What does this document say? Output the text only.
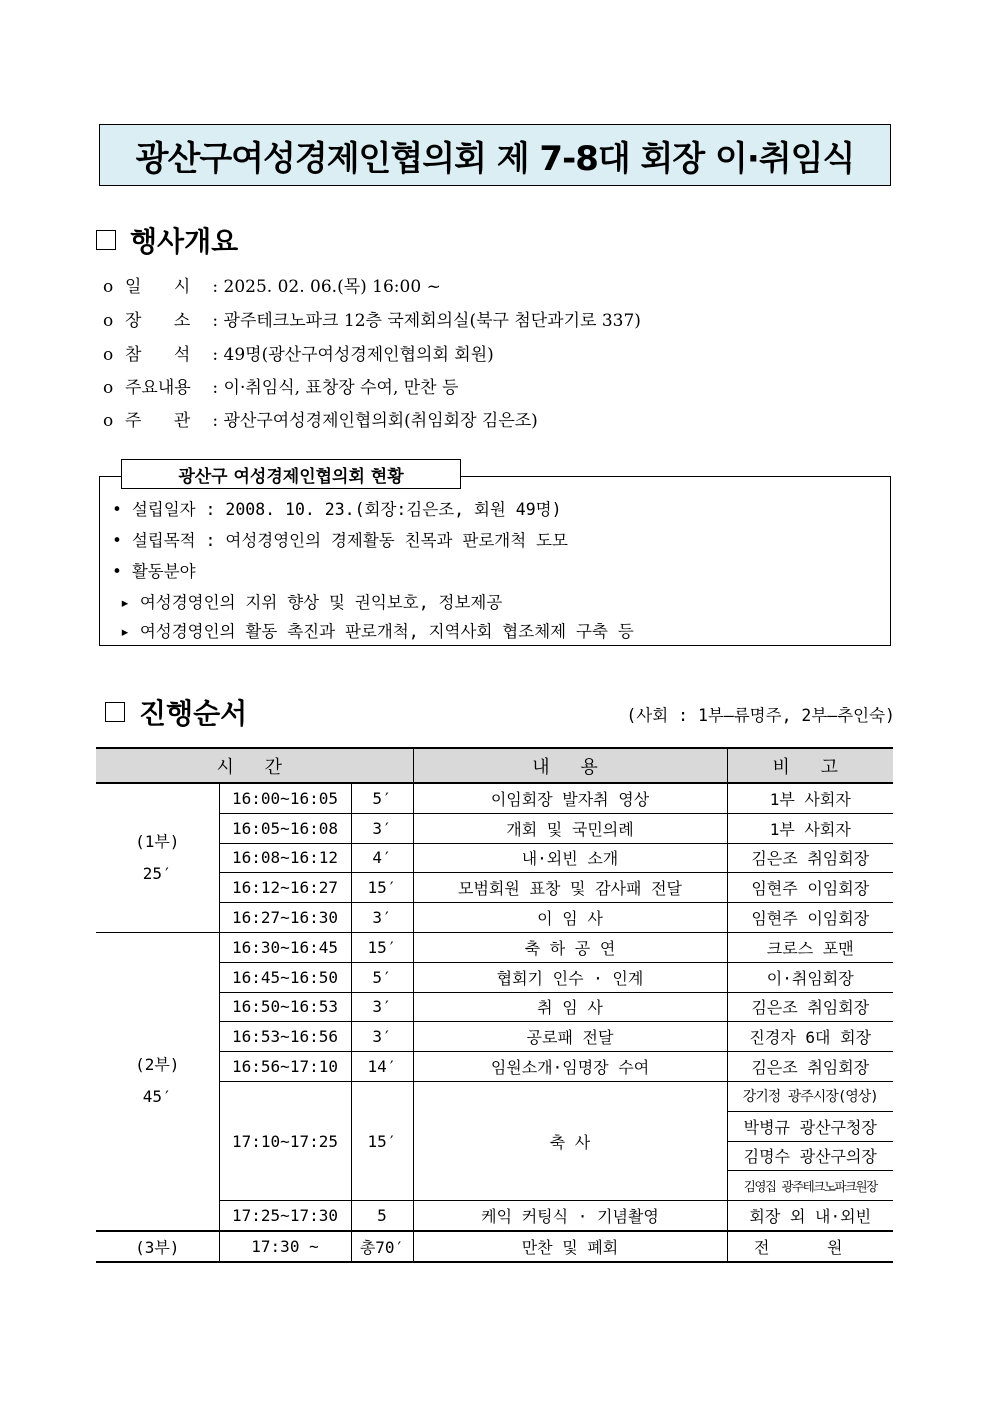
광산구여성경제인협의회 제 7-8대 회장 이·취임식
행사개요
o 일      시 : 2025. 02. 06.(목) 16:00 ~
o 장      소 : 광주테크노파크 12층 국제회의실(북구 첨단과기로 337)
o 참      석 : 49명(광산구여성경제인협의회 회원)
o 주요내용 : 이·취임식, 표창장 수여, 만찬 등
o 주      관 : 광산구여성경제인협의회(취임회장 김은조)
광산구 여성경제인협의회 현황
• 설립일자 : 2008. 10. 23.(회장:김은조, 회원 49명)
• 설립목적 : 여성경영인의 경제활동 친목과 판로개척 도모
• 활동분야
▸ 여성경영인의 지위 향상 및 권익보호, 정보제공
▸ 여성경영인의 활동 촉진과 판로개척, 지역사회 협조체제 구축 등
진행순서	(사회 : 1부–류명주, 2부–추인숙)
시 간			내 용	비 고

(1부)
25′	16:00~16:05	5′	이임회장 발자취 영상	1부 사회자
	16:05~16:08	3′	개회 및 국민의례	1부 사회자
	16:08~16:12	4′	내·외빈 소개	김은조 취임회장
	16:12~16:27	15′	모범회원 표창 및 감사패 전달	임현주 이임회장
	16:27~16:30	3′	이 임 사	임현주 이임회장

(2부)
45′	16:30~16:45	15′	축 하 공 연	크로스 포맨
	16:45~16:50	5′	협회기 인수 · 인계	이·취임회장
	16:50~16:53	3′	취 임 사	김은조 취임회장
	16:53~16:56	3′	공로패 전달	진경자 6대 회장
	16:56~17:10	14′	임원소개·임명장 수여	김은조 취임회장
	17:10~17:25	15′	축 사	강기정 광주시장(영상)
				박병규 광산구청장
				김명수 광산구의장
				김영집 광주테크노파크원장
	17:25~17:30	5	케익 커팅식 · 기념촬영	회장 외 내·외빈
(3부)	17:30 ~	총70′	만찬 및 폐회	전 원
